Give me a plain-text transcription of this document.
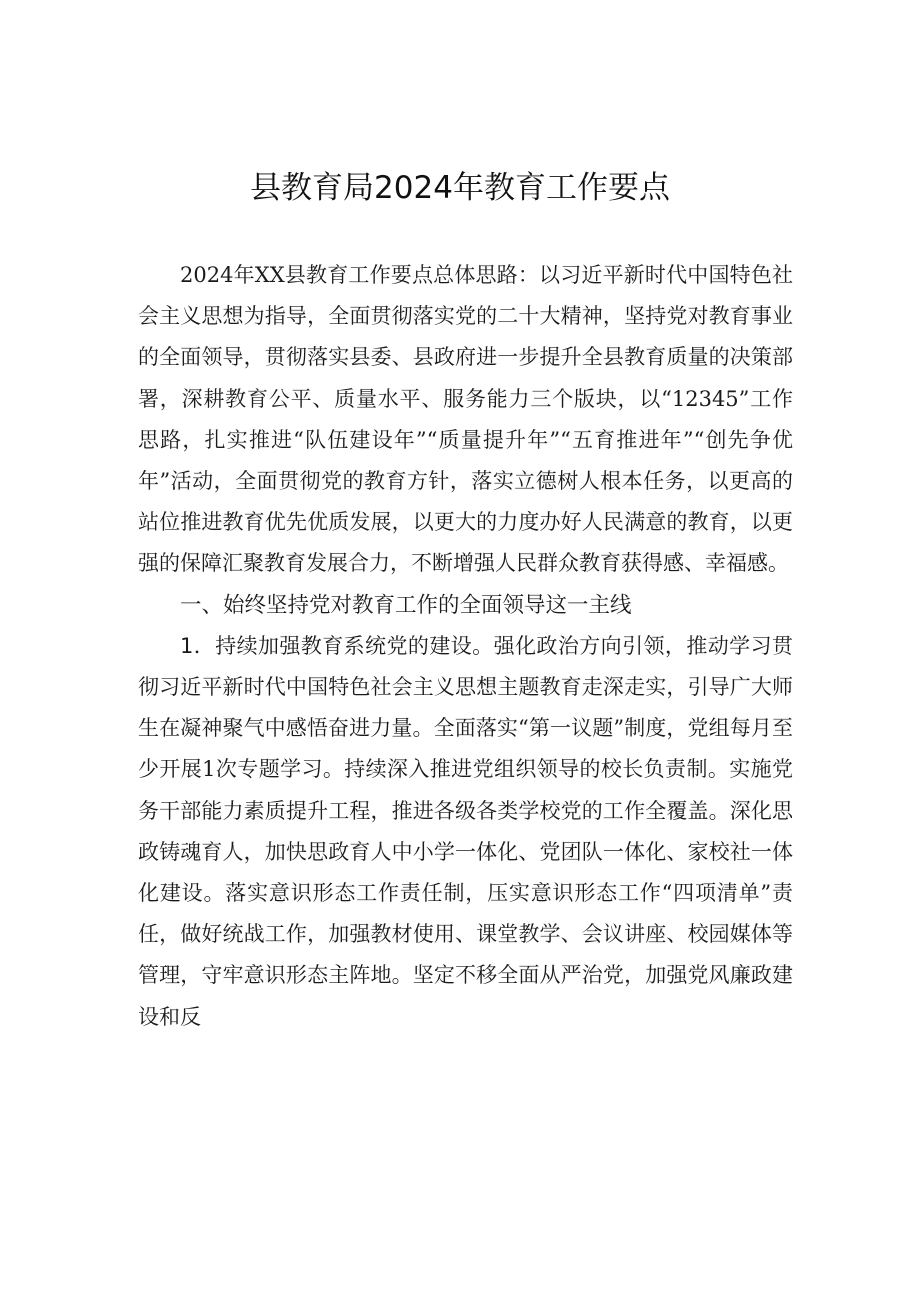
县教育局2024年教育工作要点

2024年XX县教育工作要点总体思路：以习近平新时代中国特色社会主义思想为指导，全面贯彻落实党的二十大精神，坚持党对教育事业的全面领导，贯彻落实县委、县政府进一步提升全县教育质量的决策部署，深耕教育公平、质量水平、服务能力三个版块，以“12345”工作思路，扎实推进“队伍建设年”“质量提升年”“五育推进年”“创先争优年”活动，全面贯彻党的教育方针，落实立德树人根本任务，以更高的站位推进教育优先优质发展，以更大的力度办好人民满意的教育，以更强的保障汇聚教育发展合力，不断增强人民群众教育获得感、幸福感。

一、始终坚持党对教育工作的全面领导这一主线

1．持续加强教育系统党的建设。强化政治方向引领，推动学习贯彻习近平新时代中国特色社会主义思想主题教育走深走实，引导广大师生在凝神聚气中感悟奋进力量。全面落实“第一议题”制度，党组每月至少开展1次专题学习。持续深入推进党组织领导的校长负责制。实施党务干部能力素质提升工程，推进各级各类学校党的工作全覆盖。深化思政铸魂育人，加快思政育人中小学一体化、党团队一体化、家校社一体化建设。落实意识形态工作责任制，压实意识形态工作“四项清单”责任，做好统战工作，加强教材使用、课堂教学、会议讲座、校园媒体等管理，守牢意识形态主阵地。坚定不移全面从严治党，加强党风廉政建设和反
